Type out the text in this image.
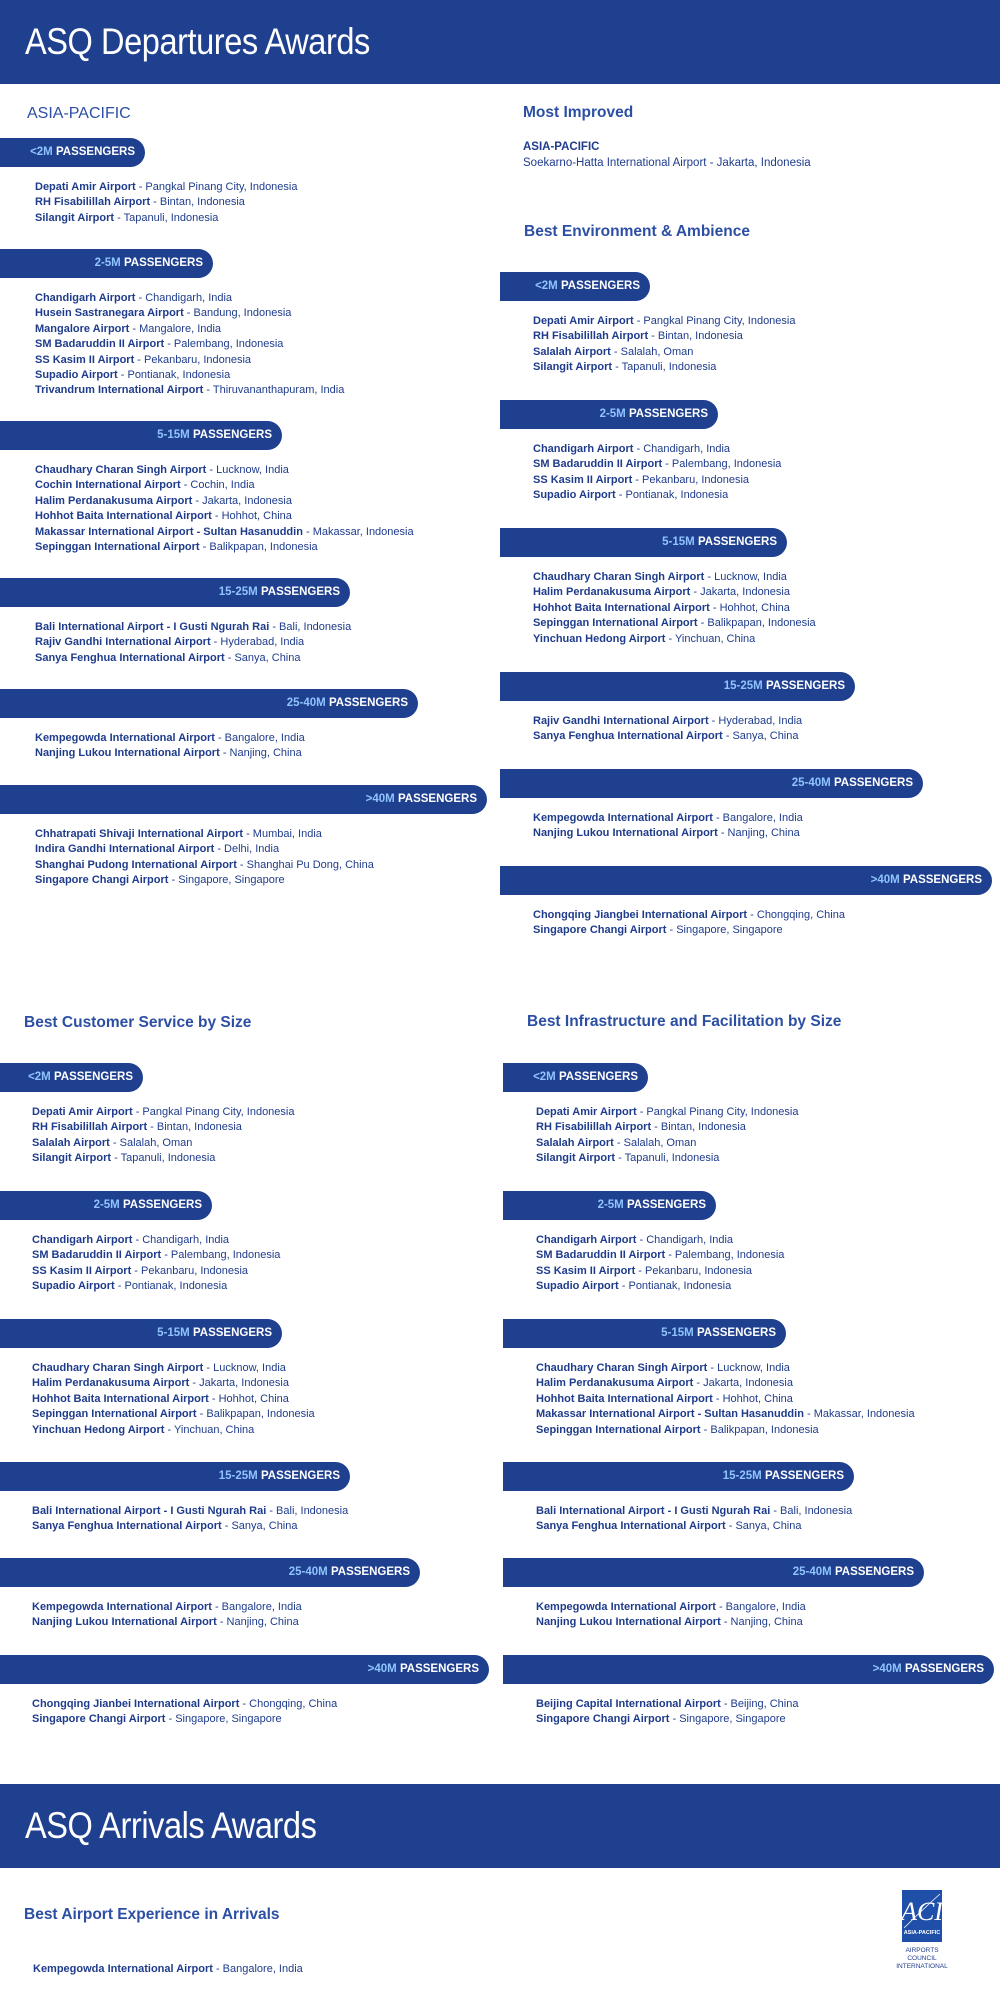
ASQ Departures Awards
ASIA-PACIFIC
<2M PASSENGERS
Depati Amir Airport - Pangkal Pinang City, Indonesia
RH Fisabilillah Airport - Bintan, Indonesia
Silangit Airport - Tapanuli, Indonesia
2-5M PASSENGERS
Chandigarh Airport - Chandigarh, India
Husein Sastranegara Airport - Bandung, Indonesia
Mangalore Airport - Mangalore, India
SM Badaruddin II Airport - Palembang, Indonesia
SS Kasim II Airport - Pekanbaru, Indonesia
Supadio Airport - Pontianak, Indonesia
Trivandrum International Airport - Thiruvananthapuram, India
5-15M PASSENGERS
Chaudhary Charan Singh Airport - Lucknow, India
Cochin International Airport - Cochin, India
Halim Perdanakusuma Airport - Jakarta, Indonesia
Hohhot Baita International Airport - Hohhot, China
Makassar International Airport - Sultan Hasanuddin - Makassar, Indonesia
Sepinggan International Airport - Balikpapan, Indonesia
15-25M PASSENGERS
Bali International Airport - I Gusti Ngurah Rai - Bali, Indonesia
Rajiv Gandhi International Airport - Hyderabad, India
Sanya Fenghua International Airport - Sanya, China
25-40M PASSENGERS
Kempegowda International Airport - Bangalore, India
Nanjing Lukou International Airport - Nanjing, China
>40M PASSENGERS
Chhatrapati Shivaji International Airport - Mumbai, India
Indira Gandhi International Airport - Delhi, India
Shanghai Pudong International Airport - Shanghai Pu Dong, China
Singapore Changi Airport - Singapore, Singapore
Most Improved
ASIA-PACIFIC
Soekarno-Hatta International Airport - Jakarta, Indonesia
Best Environment & Ambience
<2M PASSENGERS
Depati Amir Airport - Pangkal Pinang City, Indonesia
RH Fisabilillah Airport - Bintan, Indonesia
Salalah Airport - Salalah, Oman
Silangit Airport - Tapanuli, Indonesia
2-5M PASSENGERS
Chandigarh Airport - Chandigarh, India
SM Badaruddin II Airport - Palembang, Indonesia
SS Kasim II Airport - Pekanbaru, Indonesia
Supadio Airport - Pontianak, Indonesia
5-15M PASSENGERS
Chaudhary Charan Singh Airport - Lucknow, India
Halim Perdanakusuma Airport - Jakarta, Indonesia
Hohhot Baita International Airport - Hohhot, China
Sepinggan International Airport - Balikpapan, Indonesia
Yinchuan Hedong Airport - Yinchuan, China
15-25M PASSENGERS
Rajiv Gandhi International Airport - Hyderabad, India
Sanya Fenghua International Airport - Sanya, China
25-40M PASSENGERS
Kempegowda International Airport - Bangalore, India
Nanjing Lukou International Airport - Nanjing, China
>40M PASSENGERS
Chongqing Jiangbei International Airport - Chongqing, China
Singapore Changi Airport - Singapore, Singapore
Best Customer Service by Size
<2M PASSENGERS
Depati Amir Airport - Pangkal Pinang City, Indonesia
RH Fisabilillah Airport - Bintan, Indonesia
Salalah Airport - Salalah, Oman
Silangit Airport - Tapanuli, Indonesia
2-5M PASSENGERS
Chandigarh Airport - Chandigarh, India
SM Badaruddin II Airport - Palembang, Indonesia
SS Kasim II Airport - Pekanbaru, Indonesia
Supadio Airport - Pontianak, Indonesia
5-15M PASSENGERS
Chaudhary Charan Singh Airport - Lucknow, India
Halim Perdanakusuma Airport - Jakarta, Indonesia
Hohhot Baita International Airport - Hohhot, China
Sepinggan International Airport - Balikpapan, Indonesia
Yinchuan Hedong Airport - Yinchuan, China
15-25M PASSENGERS
Bali International Airport - I Gusti Ngurah Rai - Bali, Indonesia
Sanya Fenghua International Airport - Sanya, China
25-40M PASSENGERS
Kempegowda International Airport - Bangalore, India
Nanjing Lukou International Airport - Nanjing, China
>40M PASSENGERS
Chongqing Jianbei International Airport - Chongqing, China
Singapore Changi Airport - Singapore, Singapore
Best Infrastructure and Facilitation by Size
<2M PASSENGERS
Depati Amir Airport - Pangkal Pinang City, Indonesia
RH Fisabilillah Airport - Bintan, Indonesia
Salalah Airport - Salalah, Oman
Silangit Airport - Tapanuli, Indonesia
2-5M PASSENGERS
Chandigarh Airport - Chandigarh, India
SM Badaruddin II Airport - Palembang, Indonesia
SS Kasim II Airport - Pekanbaru, Indonesia
Supadio Airport - Pontianak, Indonesia
5-15M PASSENGERS
Chaudhary Charan Singh Airport - Lucknow, India
Halim Perdanakusuma Airport - Jakarta, Indonesia
Hohhot Baita International Airport - Hohhot, China
Makassar International Airport - Sultan Hasanuddin - Makassar, Indonesia
Sepinggan International Airport - Balikpapan, Indonesia
15-25M PASSENGERS
Bali International Airport - I Gusti Ngurah Rai - Bali, Indonesia
Sanya Fenghua International Airport - Sanya, China
25-40M PASSENGERS
Kempegowda International Airport - Bangalore, India
Nanjing Lukou International Airport - Nanjing, China
>40M PASSENGERS
Beijing Capital International Airport - Beijing, China
Singapore Changi Airport - Singapore, Singapore
ASQ Arrivals Awards
Best Airport Experience in Arrivals
Kempegowda International Airport - Bangalore, India
ACI
ASIA-PACIFIC
AIRPORTS COUNCIL
INTERNATIONAL
